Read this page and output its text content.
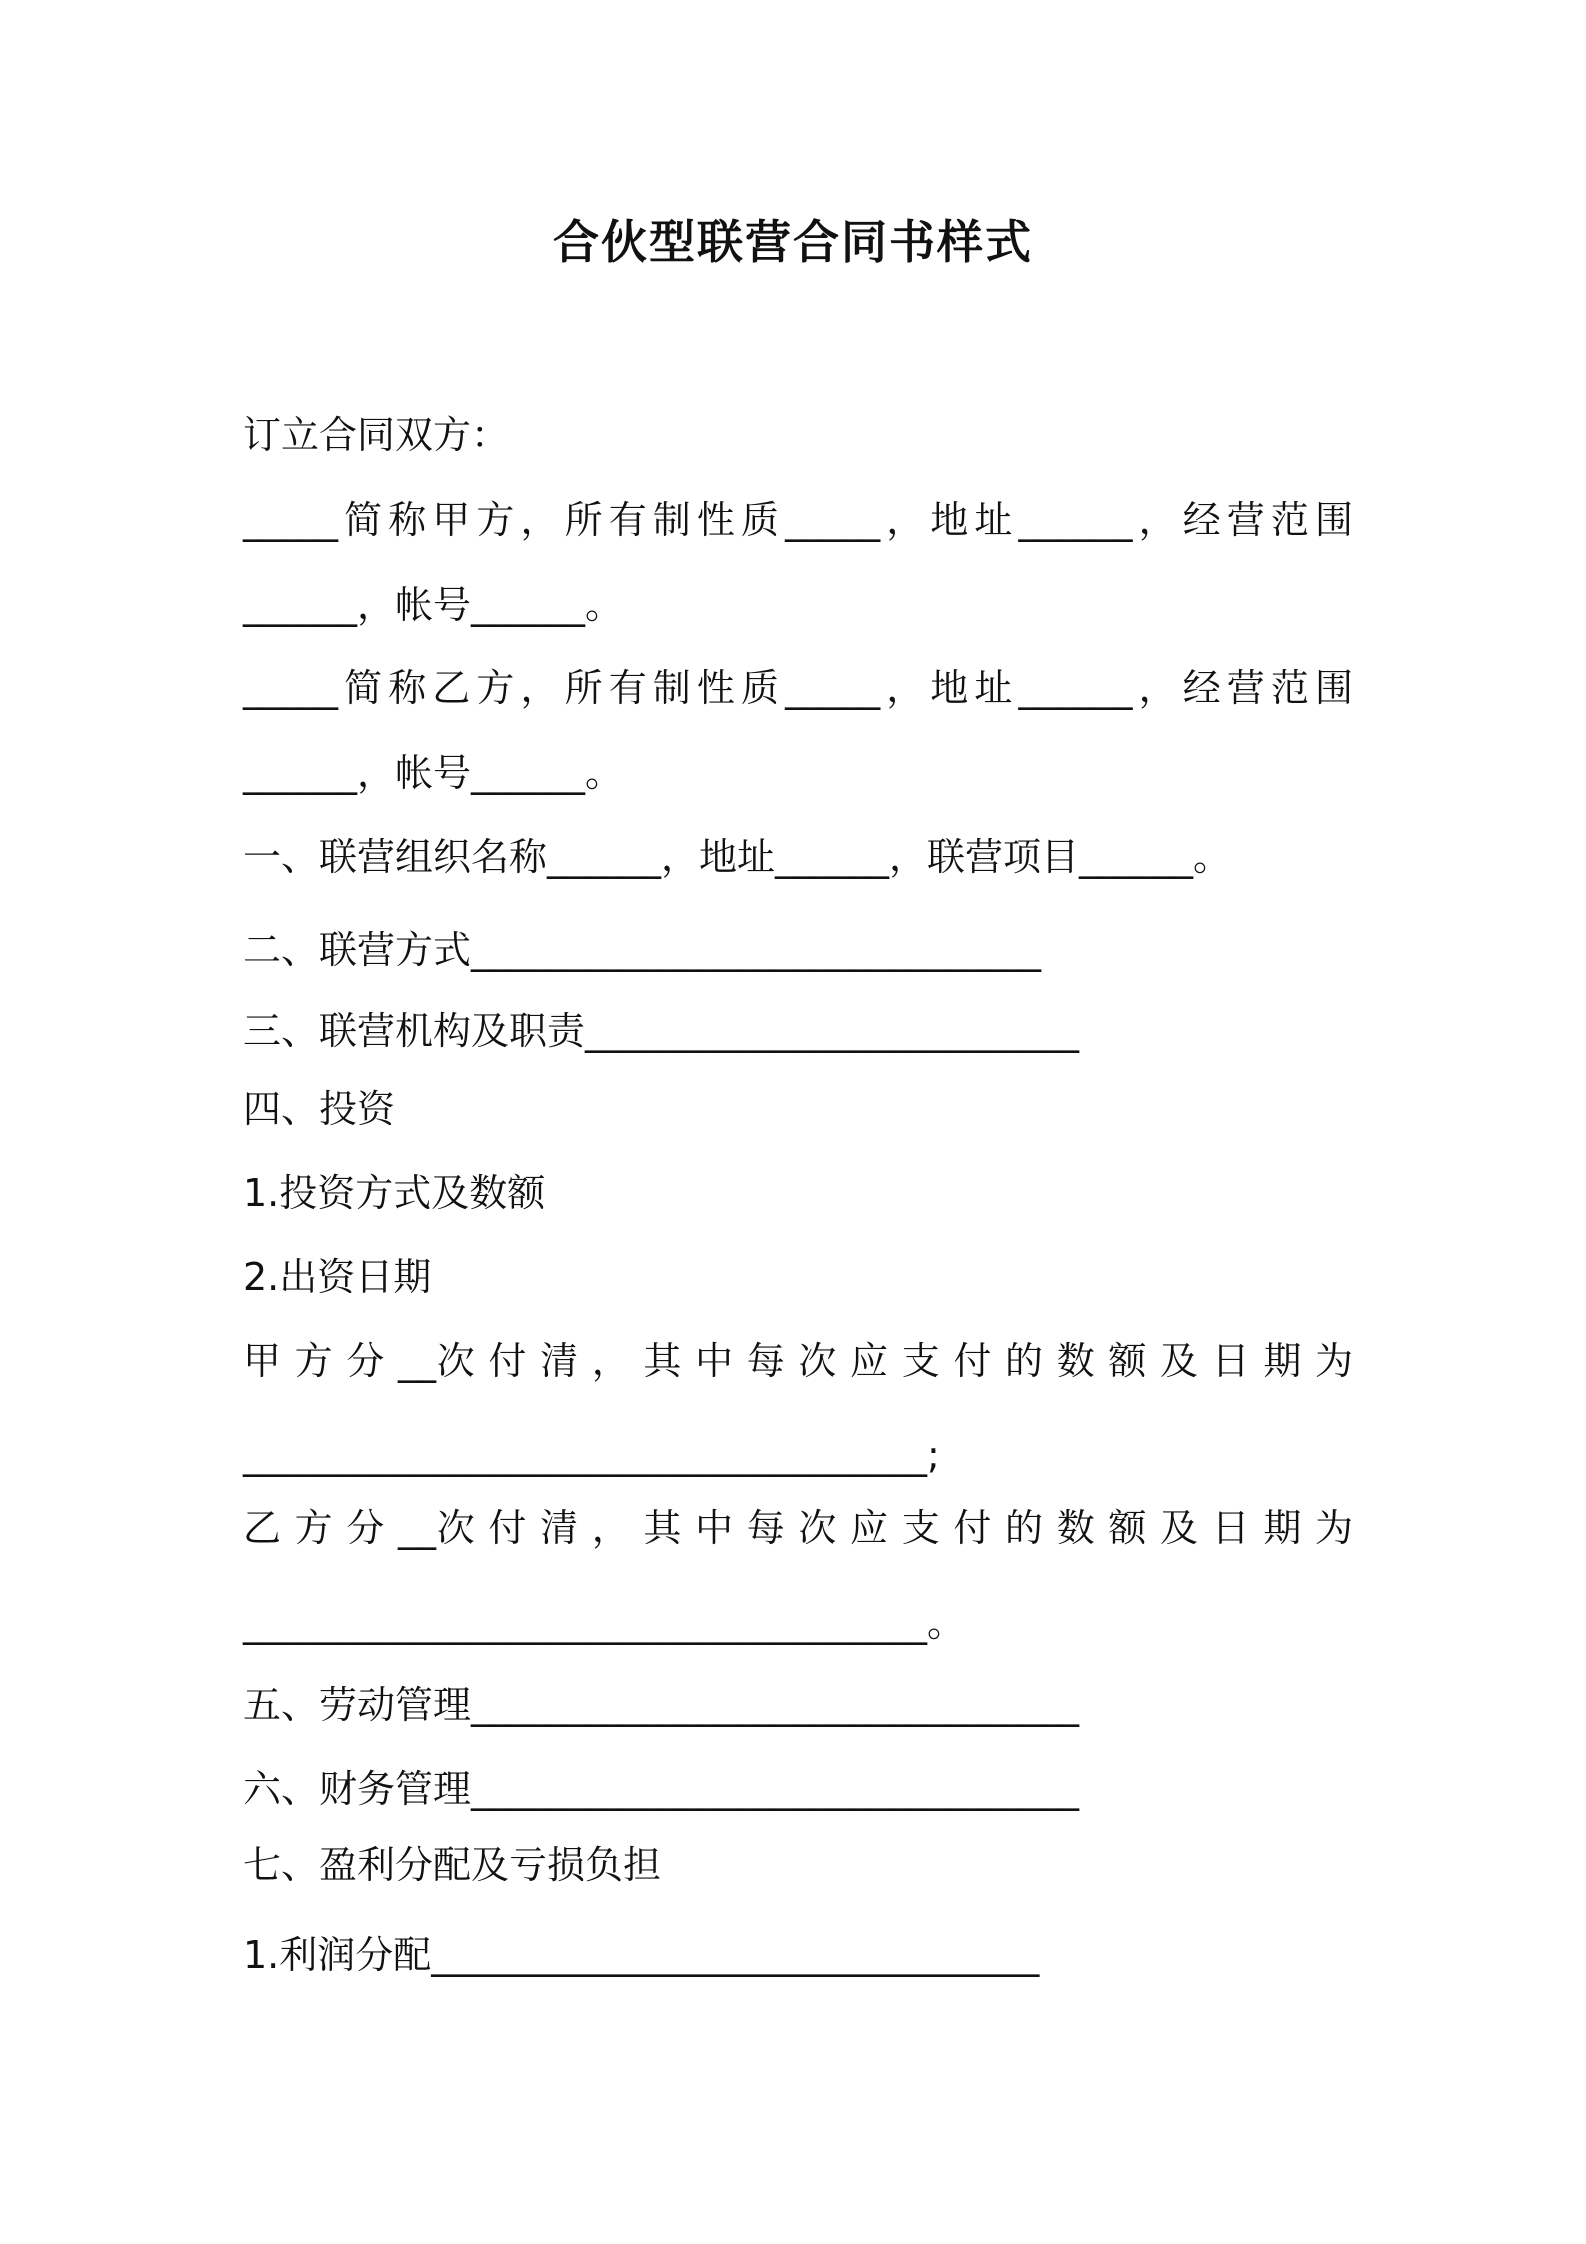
合伙型联营合同书样式
订立合同双方：
_____简称甲方，所有制性质_____，地址______，经营范围
______，帐号______。
_____简称乙方，所有制性质_____，地址______，经营范围
______，帐号______。
一、联营组织名称______，地址______，联营项目______。
二、联营方式______________________________
三、联营机构及职责__________________________
四、投资
1.投资方式及数额
2.出资日期
甲 方 分 __次 付 清 ， 其 中 每 次 应 支 付 的 数 额 及 日 期 为
____________________________________;
乙 方 分 __次 付 清 ， 其 中 每 次 应 支 付 的 数 额 及 日 期 为
____________________________________。
五、劳动管理________________________________
六、财务管理________________________________
七、盈利分配及亏损负担
1.利润分配________________________________
